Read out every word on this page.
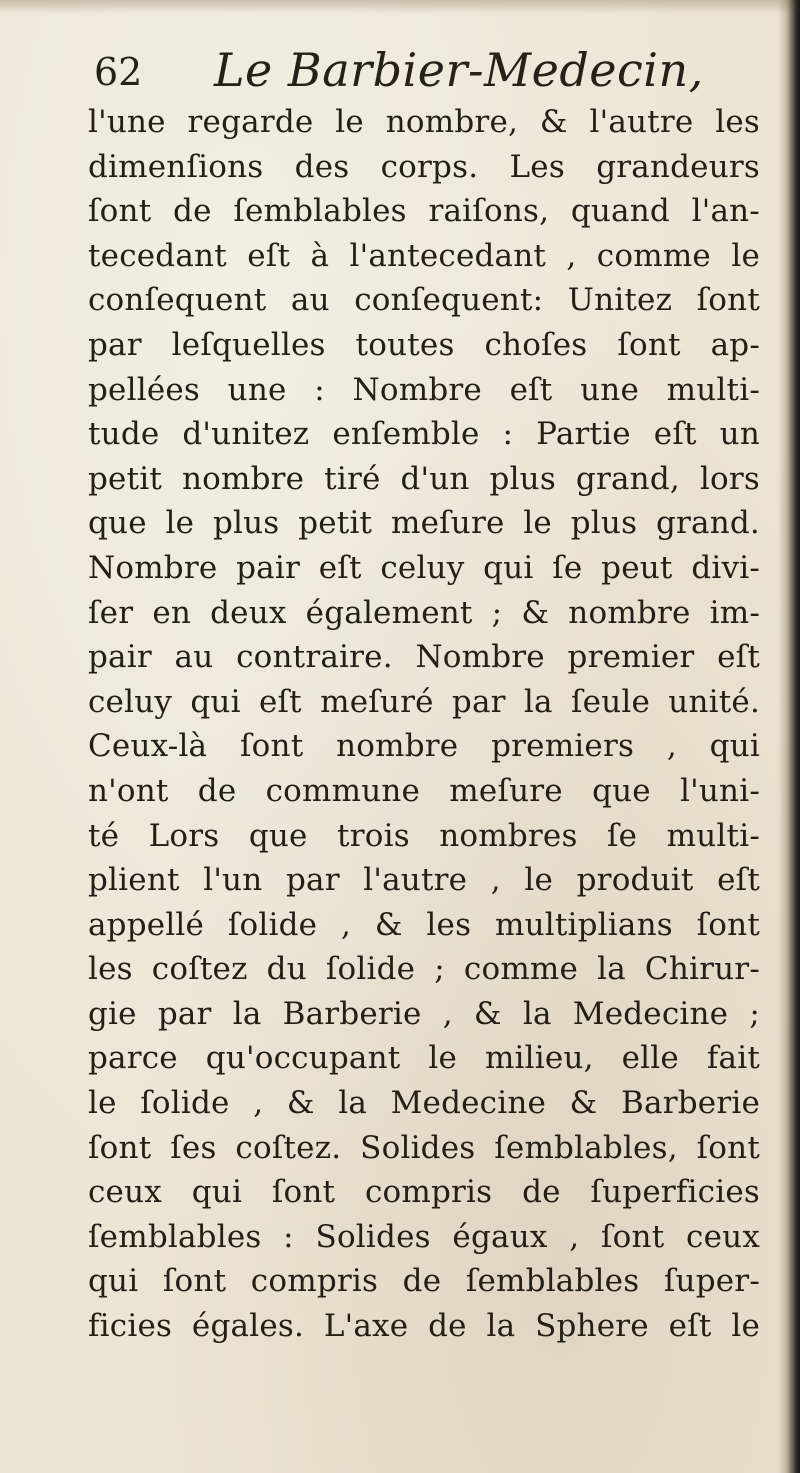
62 Le Barbier-Medecin,
l'une regarde le nombre, & l'autre les
dimenſions des corps. Les grandeurs
ſont de ſemblables raiſons, quand l'an-
tecedant eſt à l'antecedant , comme le
conſequent au conſequent: Unitez ſont
par leſquelles toutes choſes ſont ap-
pellées une : Nombre eſt une multi-
tude d'unitez enſemble : Partie eſt un
petit nombre tiré d'un plus grand, lors
que le plus petit meſure le plus grand.
Nombre pair eſt celuy qui ſe peut divi-
ſer en deux également ; & nombre im-
pair au contraire. Nombre premier eſt
celuy qui eſt meſuré par la ſeule unité.
Ceux-là ſont nombre premiers , qui
n'ont de commune meſure que l'uni-
té Lors que trois nombres ſe multi-
plient l'un par l'autre , le produit eſt
appellé ſolide , & les multiplians ſont
les coſtez du ſolide ; comme la Chirur-
gie par la Barberie , & la Medecine ;
parce qu'occupant le milieu, elle fait
le ſolide , & la Medecine & Barberie
ſont ſes coſtez. Solides ſemblables, ſont
ceux qui ſont compris de ſuperficies
ſemblables : Solides égaux , ſont ceux
qui ſont compris de ſemblables ſuper-
ficies égales. L'axe de la Sphere eſt le
